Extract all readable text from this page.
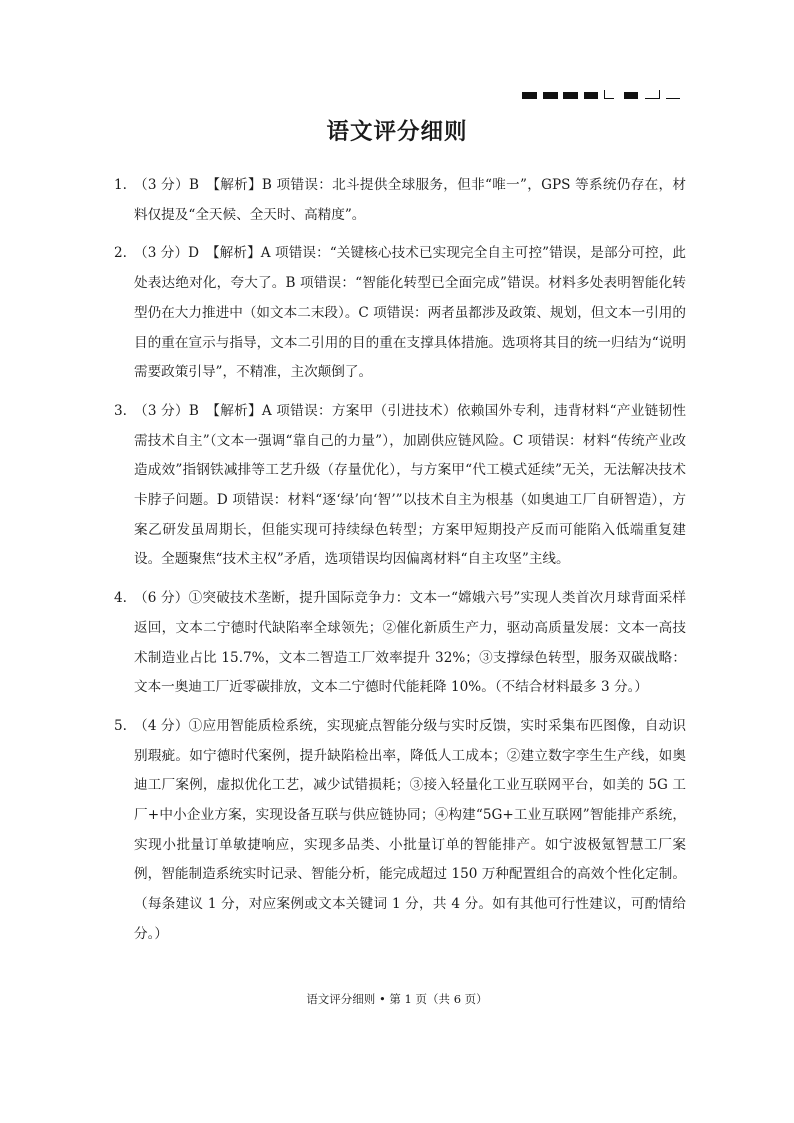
语文评分细则
1. （3 分）B　【解析】B 项错误：北斗提供全球服务，但非“唯一”，GPS 等系统仍存在，材料仅提及“全天候、全天时、高精度”。
2. （3 分）D　【解析】A 项错误：“关键核心技术已实现完全自主可控”错误，是部分可控，此处表达绝对化，夸大了。B 项错误：“智能化转型已全面完成”错误。材料多处表明智能化转型仍在大力推进中（如文本二末段）。C 项错误：两者虽都涉及政策、规划，但文本一引用的目的重在宣示与指导，文本二引用的目的重在支撑具体措施。选项将其目的统一归结为“说明需要政策引导”，不精准，主次颠倒了。
3. （3 分）B　【解析】A 项错误：方案甲（引进技术）依赖国外专利，违背材料“产业链韧性需技术自主”（文本一强调“靠自己的力量”），加剧供应链风险。C 项错误：材料“传统产业改造成效”指钢铁减排等工艺升级（存量优化），与方案甲“代工模式延续”无关，无法解决技术卡脖子问题。D 项错误：材料“逐‘绿’向‘智’”以技术自主为根基（如奥迪工厂自研智造），方案乙研发虽周期长，但能实现可持续绿色转型；方案甲短期投产反而可能陷入低端重复建设。全题聚焦“技术主权”矛盾，选项错误均因偏离材料“自主攻坚”主线。
4. （6 分）①突破技术垄断，提升国际竞争力：文本一“嫦娥六号”实现人类首次月球背面采样返回，文本二宁德时代缺陷率全球领先；②催化新质生产力，驱动高质量发展：文本一高技术制造业占比 15.7%，文本二智造工厂效率提升 32%；③支撑绿色转型，服务双碳战略：文本一奥迪工厂近零碳排放，文本二宁德时代能耗降 10%。（不结合材料最多 3 分。）
5. （4 分）①应用智能质检系统，实现疵点智能分级与实时反馈，实时采集布匹图像，自动识别瑕疵。如宁德时代案例，提升缺陷检出率，降低人工成本；②建立数字孪生生产线，如奥迪工厂案例，虚拟优化工艺，减少试错损耗；③接入轻量化工业互联网平台，如美的 5G 工厂+中小企业方案，实现设备互联与供应链协同；④构建“5G+工业互联网”智能排产系统，实现小批量订单敏捷响应，实现多品类、小批量订单的智能排产。如宁波极氪智慧工厂案例，智能制造系统实时记录、智能分析，能完成超过 150 万种配置组合的高效个性化定制。（每条建议 1 分，对应案例或文本关键词 1 分，共 4 分。如有其他可行性建议，可酌情给分。）
语文评分细则 • 第 1 页（共 6 页）
